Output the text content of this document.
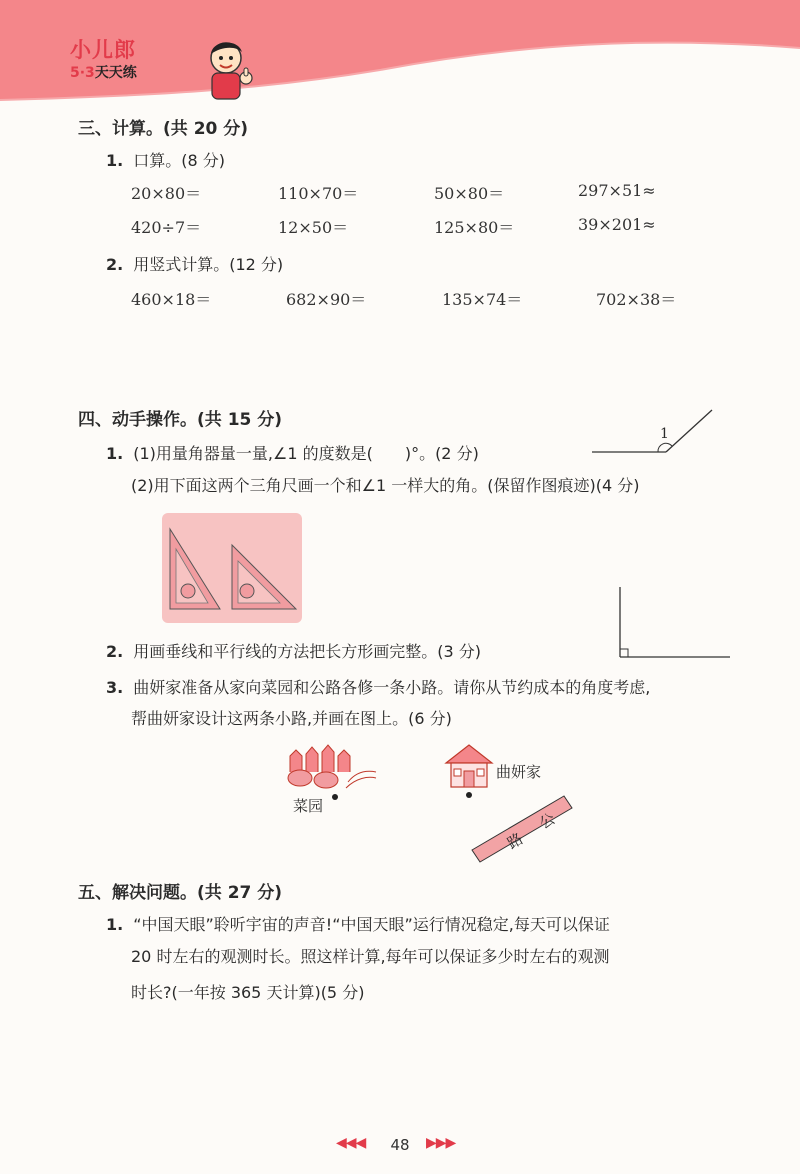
小儿郎
5·3天天练
三、计算。(共 20 分)
1. 口算。(8 分)
20×80＝	110×70＝	50×80＝	297×51≈
420÷7＝	12×50＝	125×80＝	39×201≈
2. 用竖式计算。(12 分)
460×18＝	682×90＝	135×74＝	702×38＝
四、动手操作。(共 15 分)
1. (1)用量角器量一量,∠1 的度数是(　　)°。(2 分)
(2)用下面这两个三角尺画一个和∠1 一样大的角。(保留作图痕迹)(4 分)
1
2. 用画垂线和平行线的方法把长方形画完整。(3 分)
3. 曲妍家准备从家向菜园和公路各修一条小路。请你从节约成本的角度考虑,
帮曲妍家设计这两条小路,并画在图上。(6 分)
菜园
曲妍家
路
公
五、解决问题。(共 27 分)
1. “中国天眼”聆听宇宙的声音!“中国天眼”运行情况稳定,每天可以保证
20 时左右的观测时长。照这样计算,每年可以保证多少时左右的观测
时长?(一年按 365 天计算)(5 分)
◀◀◀	48	▶▶▶
